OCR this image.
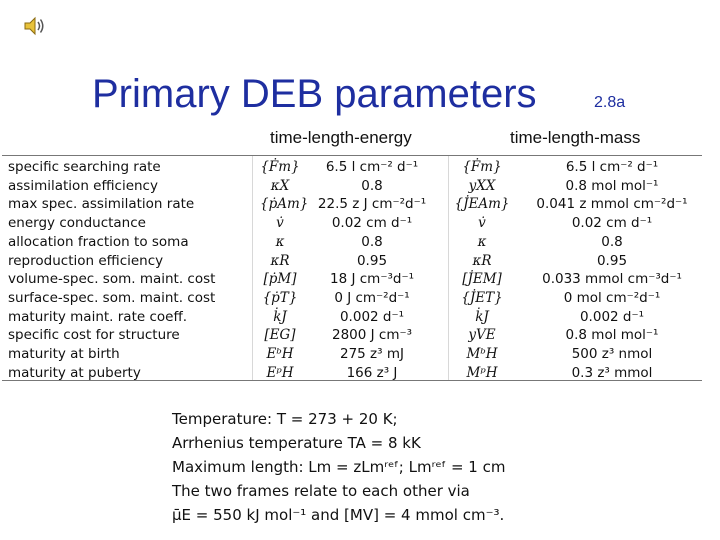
Primary DEB parameters	2.8a
time-length-energy	time-length-mass
specific searching rate	{Ḟm}	6.5 l cm⁻² d⁻¹	{Ḟm}	6.5 l cm⁻² d⁻¹
assimilation efficiency	κX	0.8	yXX	0.8 mol mol⁻¹
max spec. assimilation rate	{ṗAm} 22.5 z J cm⁻²d⁻¹	{J̇EAm}	0.041 z mmol cm⁻²d⁻¹
energy conductance	v̇	0.02 cm d⁻¹	v̇	0.02 cm d⁻¹
allocation fraction to soma	κ	0.8	κ	0.8
reproduction efficiency	κR	0.95	κR	0.95
volume-spec. som. maint. cost	[ṗM]	18 J cm⁻³d⁻¹	[J̇EM]	0.033 mmol cm⁻³d⁻¹
surface-spec. som. maint. cost	{ṗT}	0 J cm⁻²d⁻¹	{J̇ET}	0 mol cm⁻²d⁻¹
maturity maint. rate coeff.	k̇J	0.002 d⁻¹	k̇J	0.002 d⁻¹
specific cost for structure	[EG]	2800 J cm⁻³	yVE	0.8 mol mol⁻¹
maturity at birth	EᵇH	275 z³ mJ	MᵇH	500 z³ nmol
maturity at puberty	EᵖH	166 z³ J	MᵖH	0.3 z³ mmol
Temperature: T = 273 + 20 K;
Arrhenius temperature TA = 8 kK
Maximum length: Lm = zLmʳᵉᶠ; Lmʳᵉᶠ = 1 cm
The two frames relate to each other via
μ̄E = 550 kJ mol⁻¹ and [MV] = 4 mmol cm⁻³.
